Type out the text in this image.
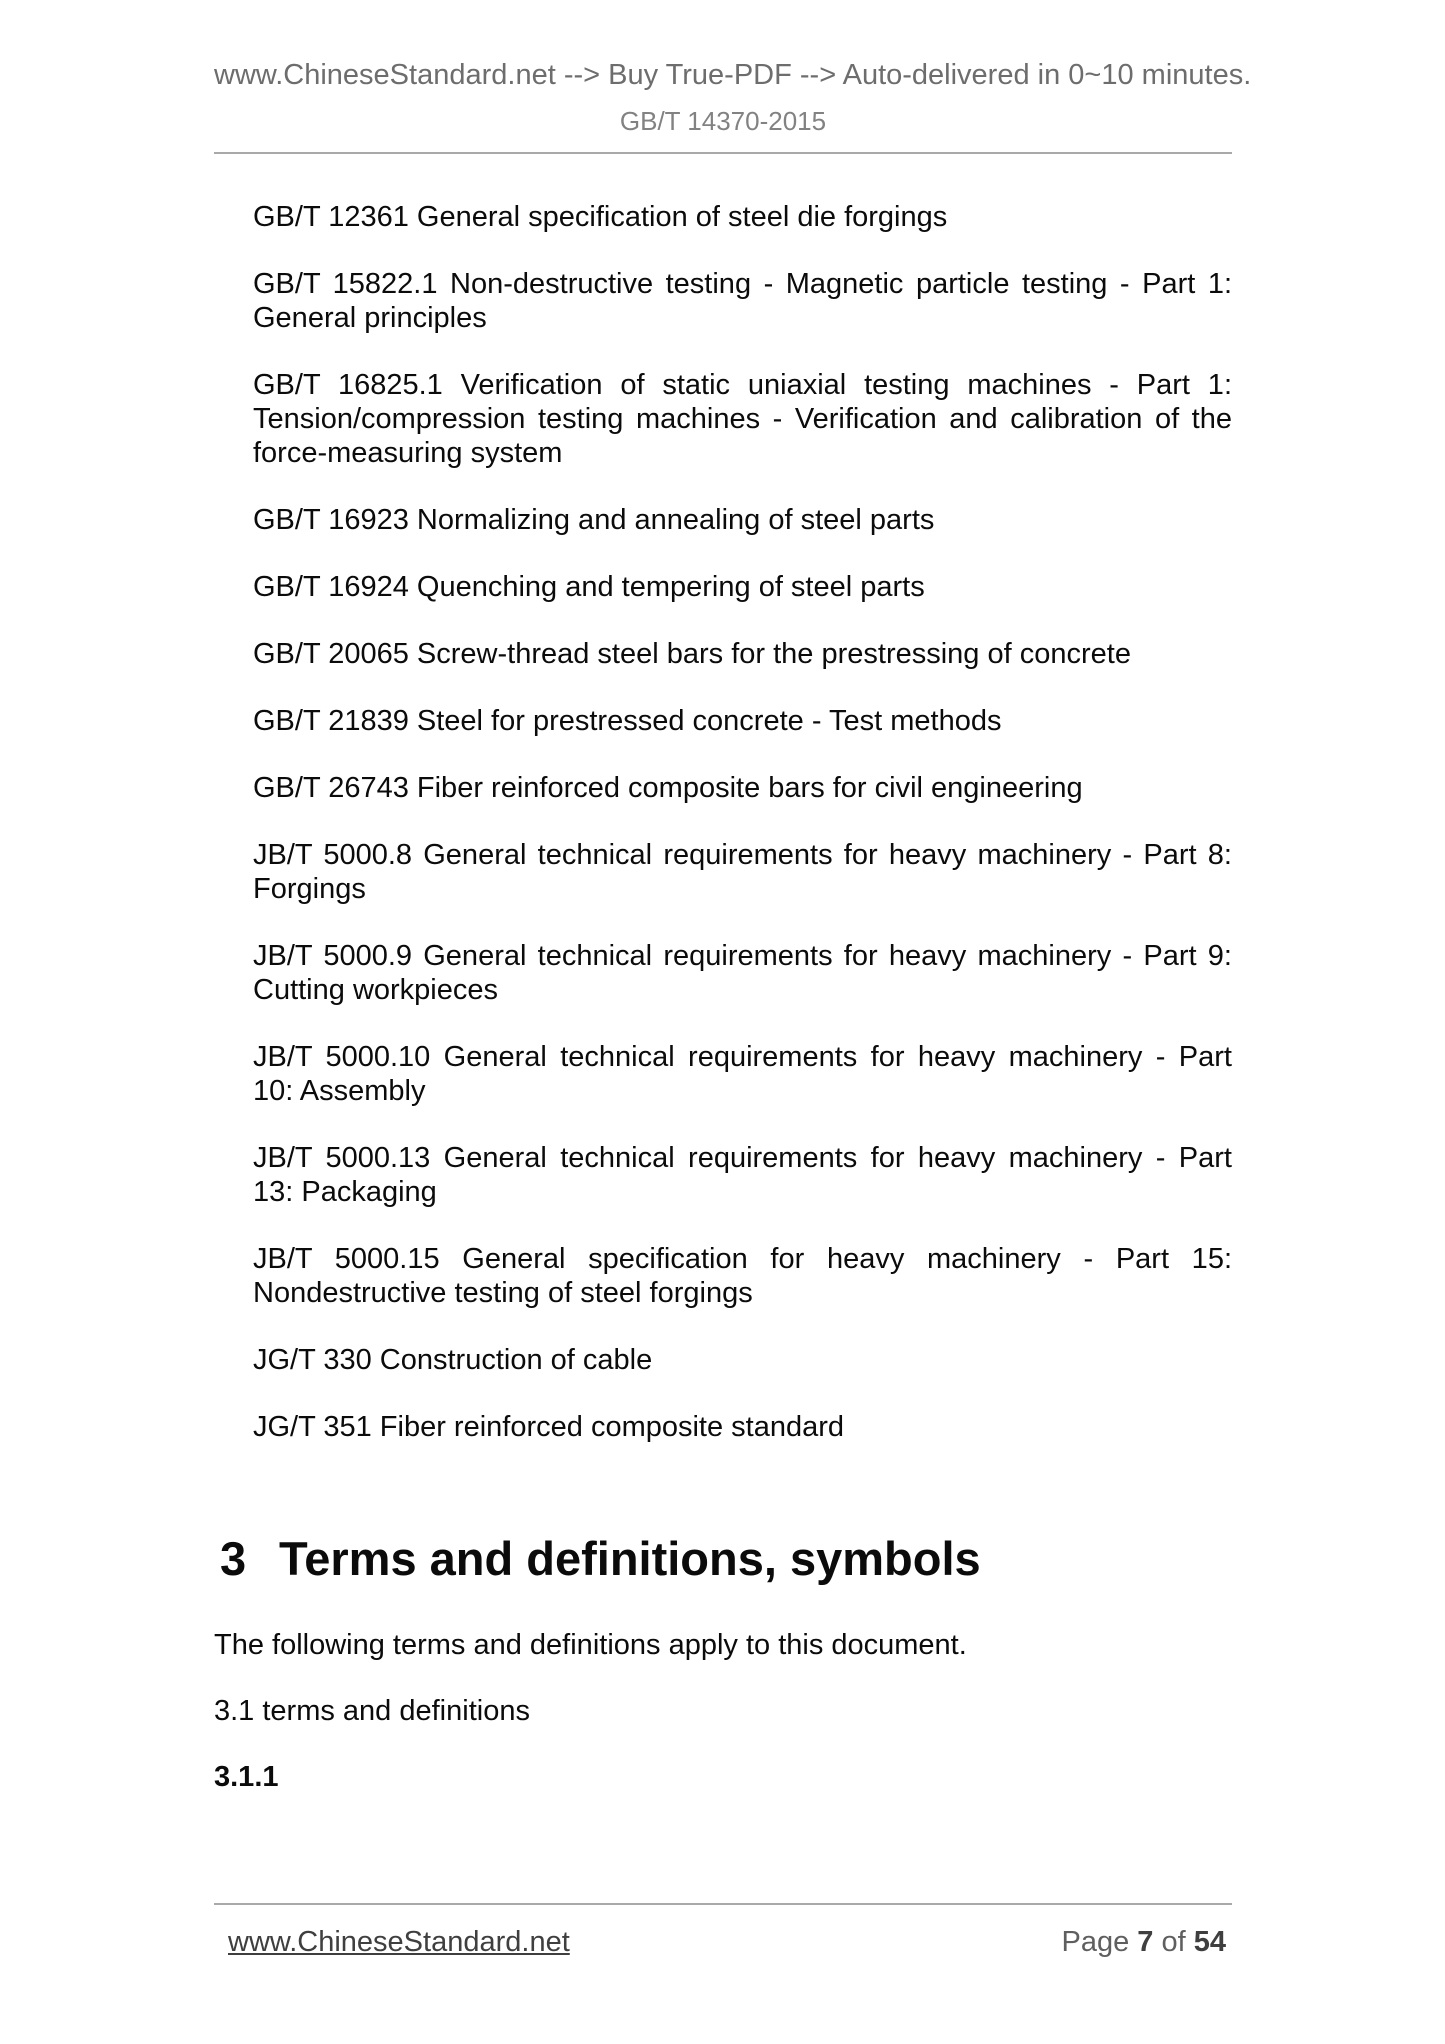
www.ChineseStandard.net --> Buy True-PDF --> Auto-delivered in 0~10 minutes.

GB/T 14370-2015

GB/T 12361 General specification of steel die forgings

GB/T 15822.1 Non-destructive testing - Magnetic particle testing - Part 1: General principles

GB/T 16825.1 Verification of static uniaxial testing machines - Part 1: Tension/compression testing machines - Verification and calibration of the force-measuring system

GB/T 16923 Normalizing and annealing of steel parts

GB/T 16924 Quenching and tempering of steel parts

GB/T 20065 Screw-thread steel bars for the prestressing of concrete

GB/T 21839 Steel for prestressed concrete - Test methods

GB/T 26743 Fiber reinforced composite bars for civil engineering

JB/T 5000.8 General technical requirements for heavy machinery - Part 8: Forgings

JB/T 5000.9 General technical requirements for heavy machinery - Part 9: Cutting workpieces

JB/T 5000.10 General technical requirements for heavy machinery - Part 10: Assembly

JB/T 5000.13 General technical requirements for heavy machinery - Part 13: Packaging

JB/T 5000.15 General specification for heavy machinery - Part 15: Nondestructive testing of steel forgings

JG/T 330 Construction of cable

JG/T 351 Fiber reinforced composite standard

3 Terms and definitions, symbols

The following terms and definitions apply to this document.

3.1 terms and definitions

3.1.1

www.ChineseStandard.net	Page 7 of 54
